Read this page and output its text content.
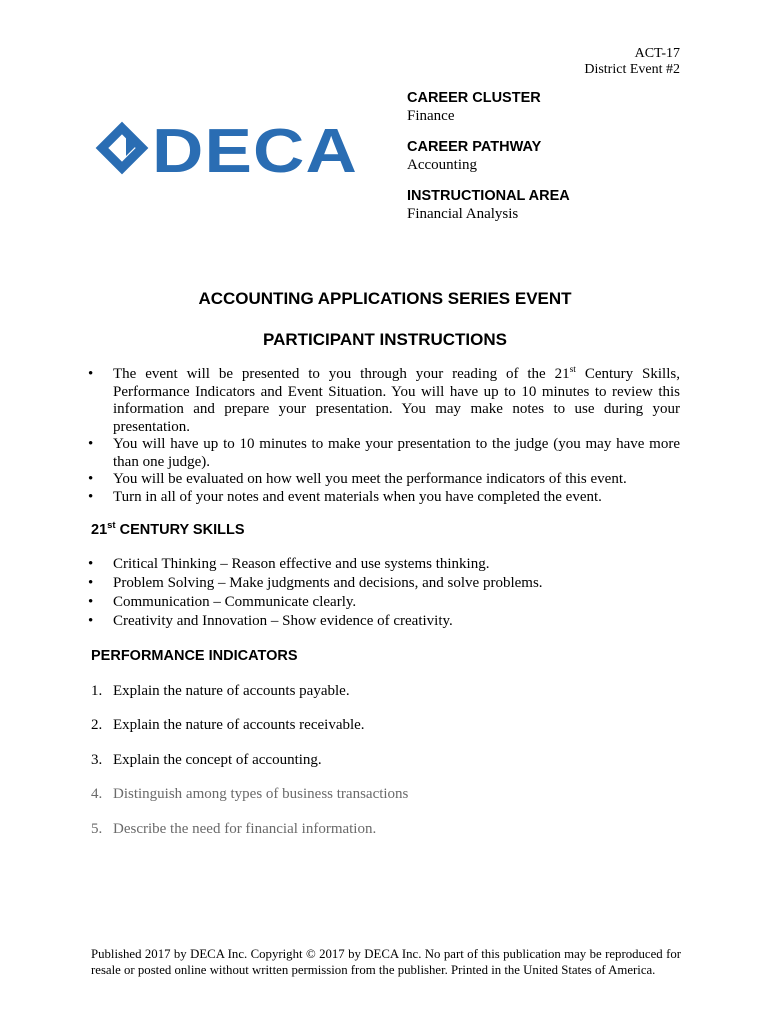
ACT-17
District Event #2
DECA
CAREER CLUSTER
Finance
CAREER PATHWAY
Accounting
INSTRUCTIONAL AREA
Financial Analysis
ACCOUNTING APPLICATIONS SERIES EVENT
PARTICIPANT INSTRUCTIONS
• The event will be presented to you through your reading of the 21st Century Skills, Performance Indicators and Event Situation. You will have up to 10 minutes to review this information and prepare your presentation. You may make notes to use during your presentation.
• You will have up to 10 minutes to make your presentation to the judge (you may have more than one judge).
• You will be evaluated on how well you meet the performance indicators of this event.
• Turn in all of your notes and event materials when you have completed the event.
21st CENTURY SKILLS
• Critical Thinking – Reason effective and use systems thinking.
• Problem Solving – Make judgments and decisions, and solve problems.
• Communication – Communicate clearly.
• Creativity and Innovation – Show evidence of creativity.
PERFORMANCE INDICATORS
1. Explain the nature of accounts payable.
2. Explain the nature of accounts receivable.
3. Explain the concept of accounting.
4. Distinguish among types of business transactions
5. Describe the need for financial information.
Published 2017 by DECA Inc. Copyright © 2017 by DECA Inc. No part of this publication may be reproduced for resale or posted online without written permission from the publisher. Printed in the United States of America.
